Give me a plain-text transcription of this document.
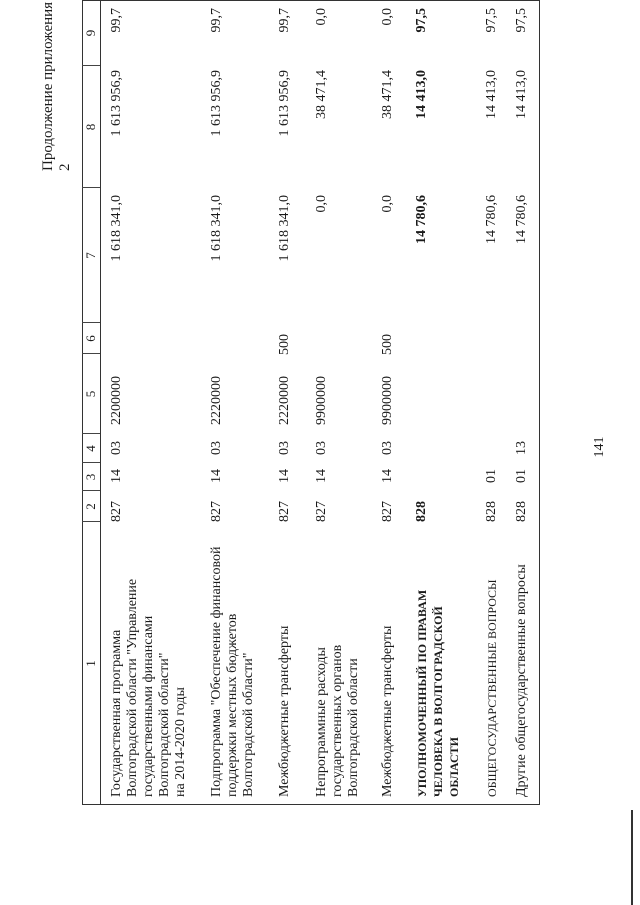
141
Продолжение приложения 2
1
2
3
4
5
6
7
8
9
Государственная программа Волгоградской области "Управление государственными финансами Волгоградской области" на 2014-2020 годы
827
14
03
2200000
1 618 341,0
1 613 956,9
99,7
Подпрограмма "Обеспечение финансовой поддержки местных бюджетов Волгоградской области"
827
14
03
2220000
1 618 341,0
1 613 956,9
99,7
Межбюджетные трансферты
827
14
03
2220000
500
1 618 341,0
1 613 956,9
99,7
Непрограммные расходы государственных органов Волгоградской области
827
14
03
9900000
0,0
38 471,4
0,0
Межбюджетные трансферты
827
14
03
9900000
500
0,0
38 471,4
0,0
УПОЛНОМОЧЕННЫЙ ПО ПРАВАМ ЧЕЛОВЕКА В ВОЛГОГРАДСКОЙ ОБЛАСТИ
828
14 780,6
14 413,0
97,5
ОБЩЕГОСУДАРСТВЕННЫЕ ВОПРОСЫ
828
01
14 780,6
14 413,0
97,5
Другие общегосударственные вопросы
828
01
13
14 780,6
14 413,0
97,5
